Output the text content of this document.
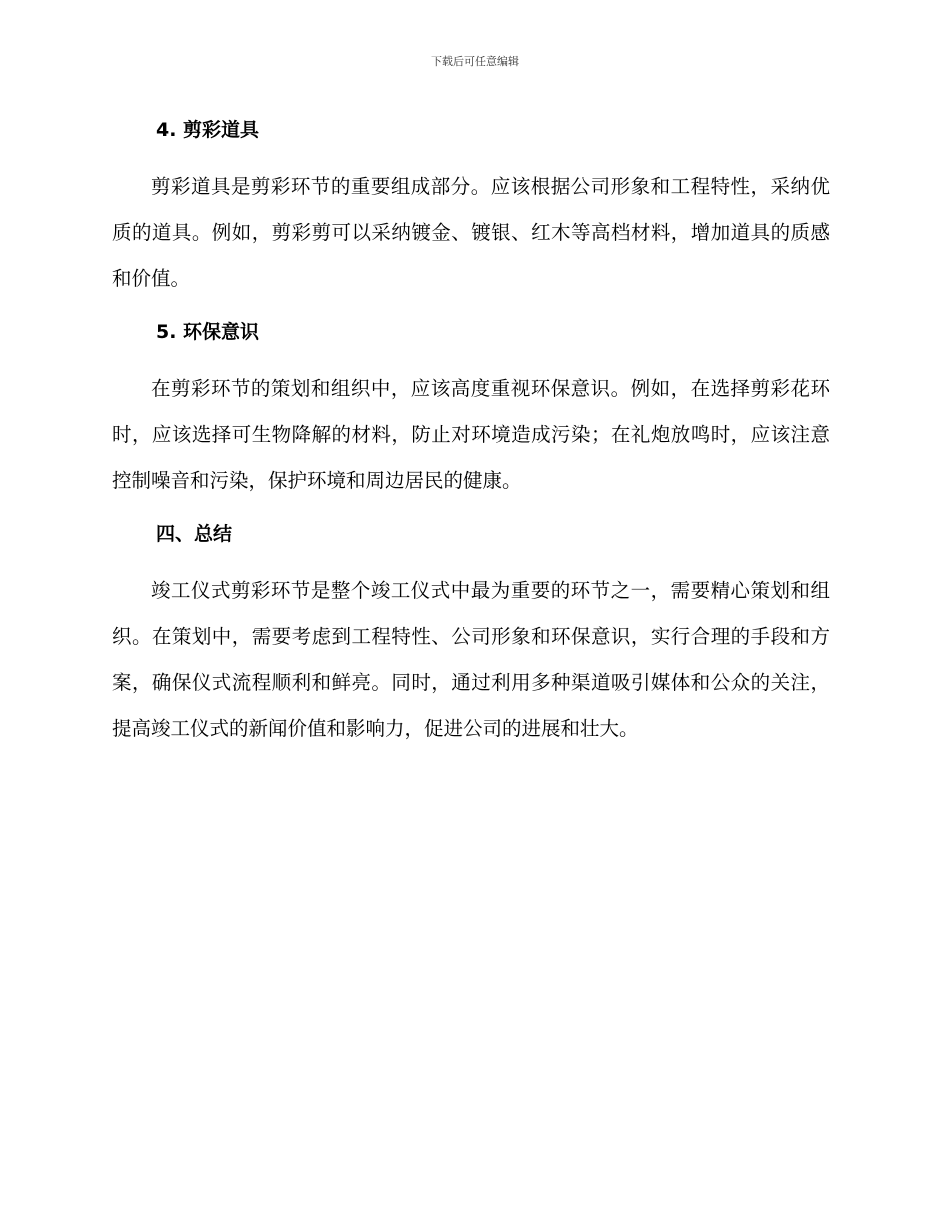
下载后可任意编辑
4. 剪彩道具

剪彩道具是剪彩环节的重要组成部分。应该根据公司形象和工程特性，采纳优质的道具。例如，剪彩剪可以采纳镀金、镀银、红木等高档材料，增加道具的质感和价值。

5. 环保意识

在剪彩环节的策划和组织中，应该高度重视环保意识。例如，在选择剪彩花环时，应该选择可生物降解的材料，防止对环境造成污染；在礼炮放鸣时，应该注意控制噪音和污染，保护环境和周边居民的健康。

四、总结

竣工仪式剪彩环节是整个竣工仪式中最为重要的环节之一，需要精心策划和组织。在策划中，需要考虑到工程特性、公司形象和环保意识，实行合理的手段和方案，确保仪式流程顺利和鲜亮。同时，通过利用多种渠道吸引媒体和公众的关注，提高竣工仪式的新闻价值和影响力，促进公司的进展和壮大。
